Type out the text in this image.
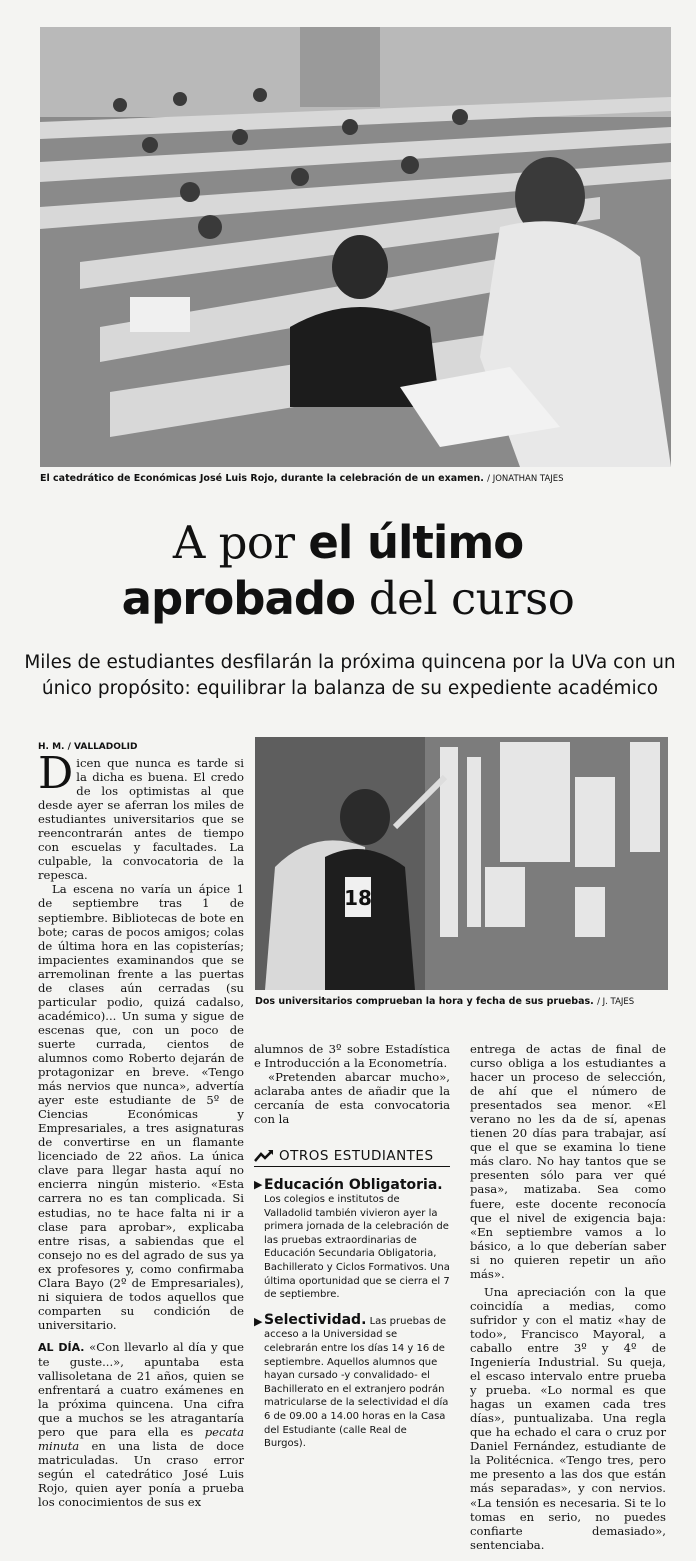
El catedrático de Económicas José Luis Rojo, durante la celebración de un examen. / JONATHAN TAJES
A por el último
aprobado del curso
Miles de estudiantes desfilarán la próxima quincena por la UVa con un único propósito: equilibrar la balanza de su expediente académico
H. M. / VALLADOLID

Dicen que nunca es tarde si la dicha es buena. El credo de los optimistas al que desde ayer se aferran los miles de estudiantes universitarios que se reencontrarán antes de tiempo con escuelas y facultades. La culpable, la convocatoria de la repesca.

La escena no varía un ápice 1 de septiembre tras 1 de septiembre. Bibliotecas de bote en bote; caras de pocos amigos; colas de última hora en las copisterías; impacientes examinandos que se arremolinan frente a las puertas de clases aún cerradas (su particular podio, quizá cadalso, académico)... Un suma y sigue de escenas que, con un poco de suerte currada, cientos de alumnos como Roberto dejarán de protagonizar en breve. «Tengo más nervios que nunca», advertía ayer este estudiante de 5º de Ciencias Económicas y Empresariales, a tres asignaturas de convertirse en un flamante licenciado de 22 años. La única clave para llegar hasta aquí no encierra ningún misterio. «Esta carrera no es tan complicada. Si estudias, no te hace falta ni ir a clase para aprobar», explicaba entre risas, a sabiendas que el consejo no es del agrado de sus ya ex profesores y, como confirmaba Clara Bayo (2º de Empresariales), ni siquiera de todos aquellos que comparten su condición de universitario.

AL DÍA. «Con llevarlo al día y que te guste...», apuntaba esta vallisoletana de 21 años, quien se enfrentará a cuatro exámenes en la próxima quincena. Una cifra que a muchos se les atragantaría pero que para ella es pecata minuta en una lista de doce matriculadas. Un craso error según el catedrático José Luis Rojo, quien ayer ponía a prueba los conocimientos de sus ex

18
Dos universitarios comprueban la hora y fecha de sus pruebas. / J. TAJES

alumnos de 3º sobre Estadística e Introducción a la Econometría.

«Pretenden abarcar mucho», aclaraba antes de añadir que la cercanía de esta convocatoria con la

OTROS ESTUDIANTES
▶ Educación Obligatoria.

Los colegios e institutos de Valladolid también vivieron ayer la primera jornada de la celebración de las pruebas extraordinarias de Educación Secundaria Obligatoria, Bachillerato y Ciclos Formativos. Una última oportunidad que se cierra el 7 de septiembre.

▶ Selectividad. Las pruebas de acceso a la Universidad se celebrarán entre los días 14 y 16 de septiembre. Aquellos alumnos que hayan cursado -y convalidado- el Bachillerato en el extranjero podrán matricularse de la selectividad el día 6 de 09.00 a 14.00 horas en la Casa del Estudiante (calle Real de Burgos).

entrega de actas de final de curso obliga a los estudiantes a hacer un proceso de selección, de ahí que el número de presentados sea menor. «El verano no les da de sí, apenas tienen 20 días para trabajar, así que el que se examina lo tiene más claro. No hay tantos que se presenten sólo para ver qué pasa», matizaba. Sea como fuere, este docente reconocía que el nivel de exigencia baja: «En septiembre vamos a lo básico, a lo que deberían saber si no quieren repetir un año más».

Una apreciación con la que coincidía a medias, como sufridor y con el matiz «hay de todo», Francisco Mayoral, a caballo entre 3º y 4º de Ingeniería Industrial. Su queja, el escaso intervalo entre prueba y prueba. «Lo normal es que hagas un examen cada tres días», puntualizaba. Una regla que ha echado el cara o cruz por Daniel Fernández, estudiante de la Politécnica. «Tengo tres, pero me presento a las dos que están más separadas», y con nervios. «La tensión es necesaria. Si te lo tomas en serio, no puedes confiarte demasiado», sentenciaba.
